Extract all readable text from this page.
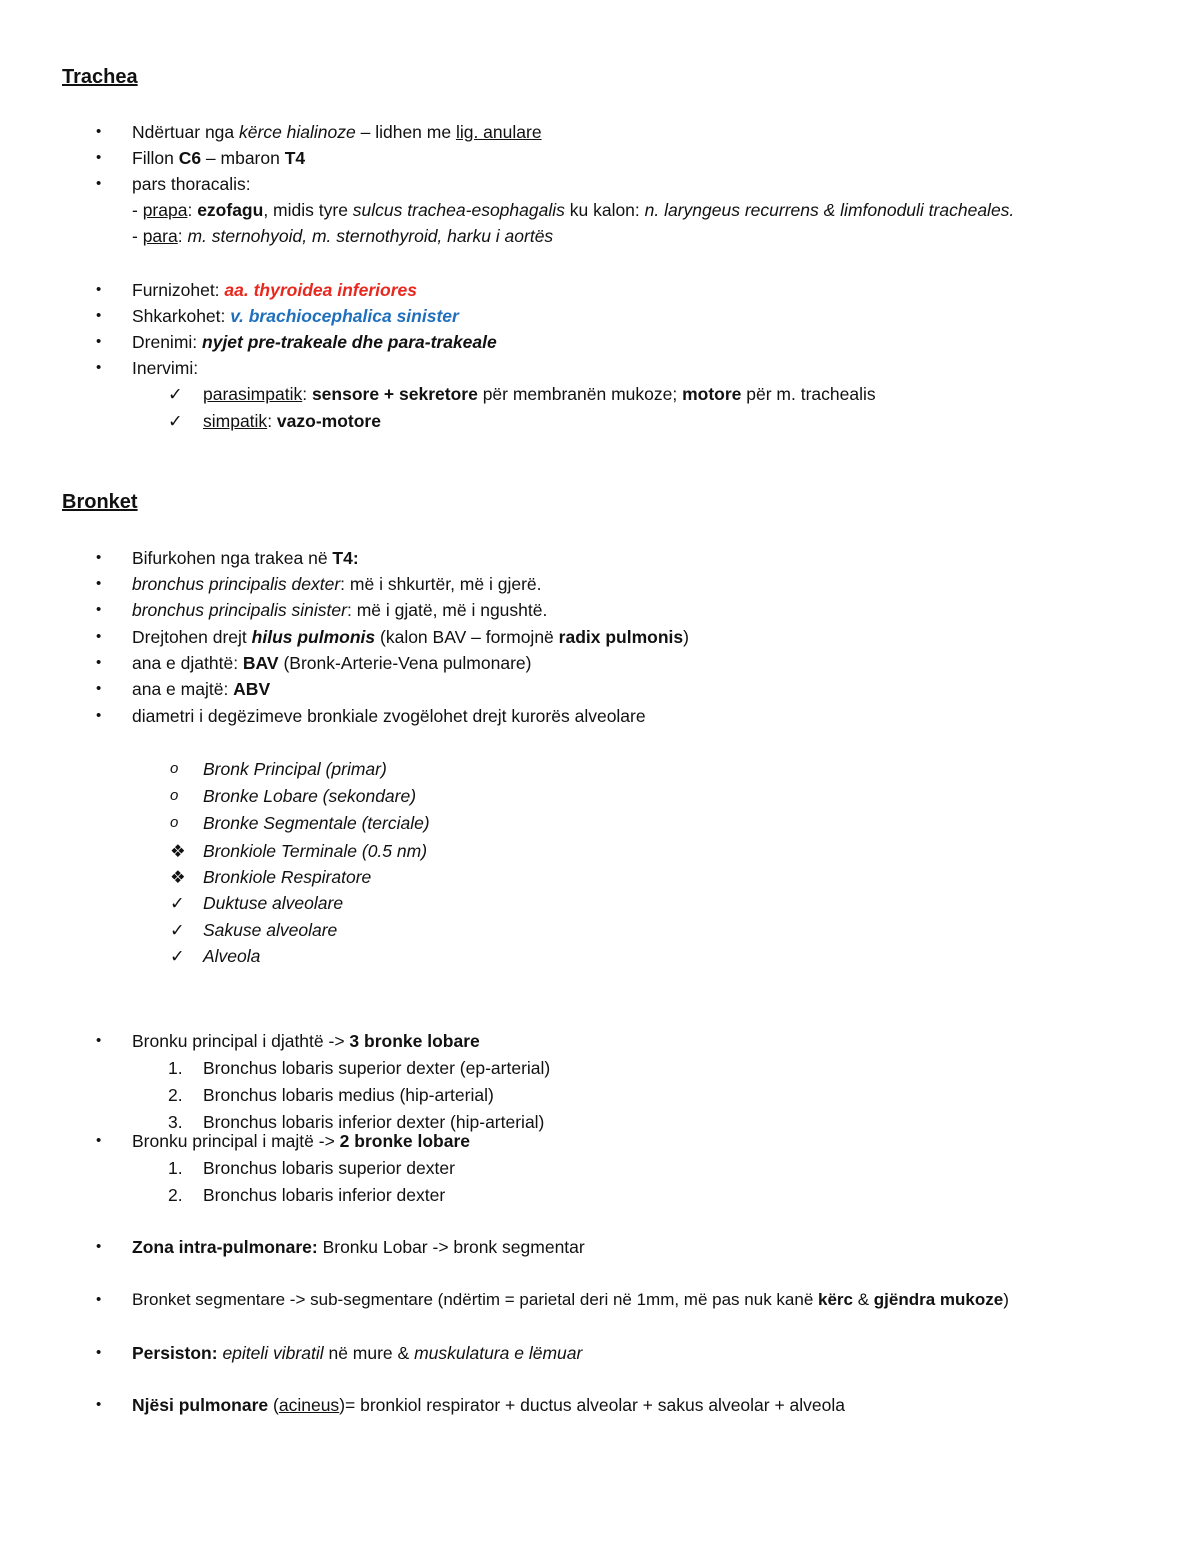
Trachea
• Ndërtuar nga kërce hialinoze – lidhen me lig. anulare
• Fillon C6 – mbaron T4
• pars thoracalis:
- prapa: ezofagu, midis tyre sulcus trachea-esophagalis ku kalon: n. laryngeus recurrens & limfonoduli tracheales.
- para: m. sternohyoid, m. sternothyroid, harku i aortës
• Furnizohet: aa. thyroidea inferiores
• Shkarkohet: v. brachiocephalica sinister
• Drenimi: nyjet pre-trakeale dhe para-trakeale
• Inervimi:
✓ parasimpatik: sensore + sekretore për membranën mukoze; motore për m. trachealis
✓ simpatik: vazo-motore
Bronket
• Bifurkohen nga trakea në T4:
• bronchus principalis dexter: më i shkurtër, më i gjerë.
• bronchus principalis sinister: më i gjatë, më i ngushtë.
• Drejtohen drejt hilus pulmonis (kalon BAV – formojnë radix pulmonis)
• ana e djathtë: BAV (Bronk-Arterie-Vena pulmonare)
• ana e majtë: ABV
• diametri i degëzimeve bronkiale zvogëlohet drejt kurorës alveolare
o Bronk Principal (primar)
o Bronke Lobare (sekondare)
o Bronke Segmentale (terciale)
❖ Bronkiole Terminale (0.5 nm)
❖ Bronkiole Respiratore
✓ Duktuse alveolare
✓ Sakuse alveolare
✓ Alveola
• Bronku principal i djathtë -> 3 bronke lobare
1. Bronchus lobaris superior dexter (ep-arterial)
2. Bronchus lobaris medius (hip-arterial)
3. Bronchus lobaris inferior dexter (hip-arterial)
• Bronku principal i majtë -> 2 bronke lobare
1. Bronchus lobaris superior dexter
2. Bronchus lobaris inferior dexter
• Zona intra-pulmonare: Bronku Lobar -> bronk segmentar
• Bronket segmentare -> sub-segmentare (ndërtim = parietal deri në 1mm, më pas nuk kanë kërc & gjëndra mukoze)
• Persiston: epiteli vibratil në mure & muskulatura e lëmuar
• Njësi pulmonare (acineus)= bronkiol respirator + ductus alveolar + sakus alveolar + alveola
